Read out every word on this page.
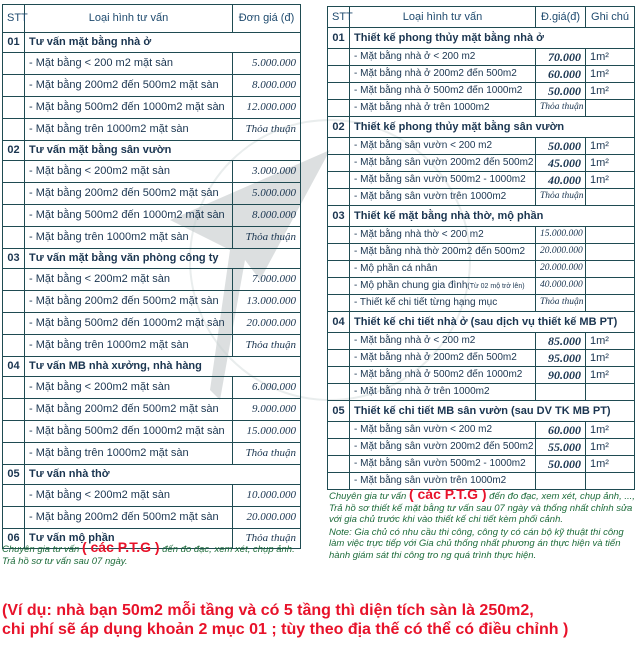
STT	Loại hình tư vấn	Đơn giá (đ)
01	Tư vấn mặt bằng nhà ở	
	- Mặt bằng < 200 m2 mặt sàn	5.000.000
	- Mặt bằng 200m2 đến 500m2 mặt sàn	8.000.000
	- Mặt bằng 500m2 đến 1000m2 mặt sàn	12.000.000
	- Mặt bằng trên 1000m2 mặt sàn	Thỏa thuận
02	Tư vấn mặt bằng sân vườn	
	- Mặt bằng < 200m2 mặt sàn	3.000.000
	- Mặt bằng 200m2 đến 500m2 mặt sàn	5.000.000
	- Mặt bằng 500m2 đến 1000m2 mặt sàn	8.000.000
	- Mặt bằng trên 1000m2 mặt sàn	Thỏa thuận
03	Tư vấn mặt bằng văn phòng công ty	
	- Mặt bằng < 200m2 mặt sàn	7.000.000
	- Mặt bằng 200m2 đến 500m2 mặt sàn	13.000.000
	- Mặt bằng 500m2 đến 1000m2 mặt sàn	20.000.000
	- Mặt bằng trên 1000m2 mặt sàn	Thỏa thuận
04	Tư vấn MB nhà xưởng, nhà hàng	
	- Mặt bằng < 200m2 mặt sàn	6.000.000
	- Mặt bằng 200m2 đến 500m2 mặt sàn	9.000.000
	- Mặt bằng 500m2 đến 1000m2 mặt sàn	15.000.000
	- Mặt bằng trên 1000m2 mặt sàn	Thỏa thuận
05	Tư vấn nhà thờ	
	- Mặt bằng < 200m2 mặt sàn	10.000.000
	- Mặt bằng 200m2 đến 500m2 mặt sàn	20.000.000
06	Tư vấn mộ phần	Thỏa thuận
STT	Loại hình tư vấn	Đ.giá(đ)	Ghi chú
01	Thiết kế phong thủy mặt bằng nhà ở		
	- Mặt bằng nhà ở < 200 m2	70.000	1m²
	- Mặt bằng nhà ở 200m2 đến 500m2	60.000	1m²
	- Mặt bằng nhà ở 500m2 đến 1000m2	50.000	1m²
	- Mặt bằng nhà ở trên 1000m2	Thỏa thuận	
02	Thiết kế phong thủy mặt bằng sân vườn		
	- Mặt bằng sân vườn < 200 m2	50.000	1m²
	- Mặt bằng sân vườn 200m2 đến 500m2	45.000	1m²
	- Mặt bằng sân vườn 500m2 - 1000m2	40.000	1m²
	- Mặt bằng sân vườn trên 1000m2	Thỏa thuận	
03	Thiết kế mặt bằng nhà thờ, mộ phần		
	- Mặt bằng nhà thờ < 200 m2	15.000.000	
	- Mặt bằng nhà thờ 200m2 đến 500m2	20.000.000	
	- Mộ phần cá nhân	20.000.000	
	- Mộ phần chung gia đình(Từ 02 mộ trở lên)	40.000.000	
	- Thiết kế chi tiết từng hạng mục	Thỏa thuận	
04	Thiết kế chi tiết nhà ở (sau dịch vụ thiết kế MB PT)		
	- Mặt bằng nhà ở < 200 m2	85.000	1m²
	- Mặt bằng nhà ở 200m2 đến 500m2	95.000	1m²
	- Mặt bằng nhà ở 500m2 đến 1000m2	90.000	1m²
	- Mặt bằng nhà ở trên 1000m2		
05	Thiết kế chi tiết MB sân vườn (sau DV TK MB PT)		
	- Mặt bằng sân vườn < 200 m2	60.000	1m²
	- Mặt bằng sân vườn 200m2 đến 500m2	55.000	1m²
	- Mặt bằng sân vườn 500m2 - 1000m2	50.000	1m²
	- Mặt bằng sân vườn trên 1000m2		
Chuyên gia tư vấn ( các P.T.G ) đến đo đạc, xem xét, chụp ảnh. Trả hồ sơ tư vấn sau 07 ngày.

Chuyên gia tư vấn ( các P.T.G ) đến đo đạc, xem xét, chụp ảnh, ..., Trả hồ sơ thiết kế mặt bằng tư vấn sau 07 ngày và thống nhất chỉnh sửa với gia chủ trước khi vào thiết kế chi tiết kèm phối cảnh.

Note: Gia chủ có nhu cầu thi công, công ty có cán bộ kỹ thuật thi công làm việc trực tiếp với Gia chủ thống nhất phương án thực hiện và tiến hành giám sát thi công tro ng quá trình thực hiện.

(Ví dụ: nhà bạn 50m2 mỗi tầng và có 5 tầng thì diện tích sàn là 250m2,
chi phí sẽ áp dụng khoản 2 mục 01 ; tùy theo địa thế có thể có điều chỉnh )
